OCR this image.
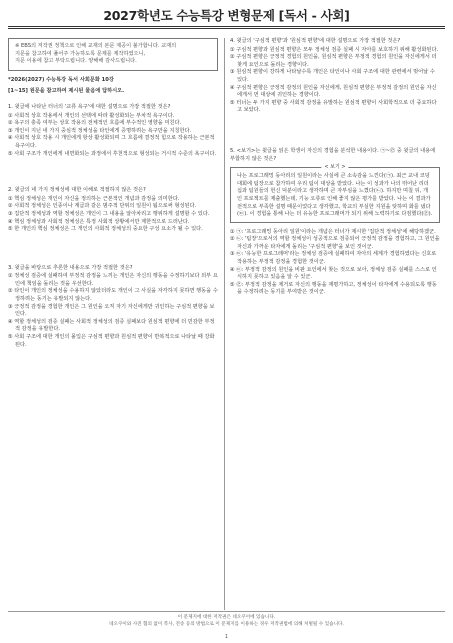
2027학년도 수능특강 변형문제 [독서 - 사회]
※ EBS의 저작권 정책으로 인해 교재의 본문 제공이 불가합니다. 교재의
지문을 참고하여 풀어주 가능하도록 문제를 제작하였으니,
지문 이용에 참고 부탁드립니다. 양해해 감사드립니다.
*2026(2027) 수능특강 독서 사회문화 10강
[1~15] 원문을 참고하여 제시된 물음에 답하시오.
1. 윗글에 나타난 터너의 '교류 욕구'에 대한 설명으로 가장 적절한 것은?
① 사회적 상호 작용에서 개인의 선택에 따라 활성화되는 부차적 욕구이다.
② 욕구의 충족 여부는 상호 작용의 전체적인 흐름에 부수적인 영향을 미친다.
③ 개인이 지닌 네 가지 중심적 정체성을 타인에게 증명하려는 욕구만을 지칭한다.
④ 사회적 상호 작용 시 개인에게 항상 활성화되며 그 흐름에 결정적 힘으로 작용하는 근본적 욕구이다.
⑤ 사회 구조가 개인에게 내면화되는 과정에서 후천적으로 형성되는 거시적 수준의 욕구이다.
2. 윗글의 네 가지 정체성에 대한 이해로 적절하지 않은 것은?
① 핵심 정체성은 개인이 자신을 정의하는 근본적인 개념과 감정을 의미한다.
② 사회적 정체성은 인종이나 계급과 같은 범주적 단위의 일원이 됨으로써 형성된다.
③ 집단적 정체성과 역할 정체성은 개인이 그 내용을 알아차리고 행위하게 설명할 수 있다.
④ 핵심 정체성과 사회적 정체성은 특정 사회적 상황에서만 제한적으로 드러난다.
⑤ 한 개인의 핵심 정체성은 그 개인의 사회적 정체성의 중요한 구성 요소가 될 수 있다.
3. 윗글을 바탕으로 추론한 내용으로 가장 적절한 것은?
① 정체성 검증에 실패하여 부정적 감정을 느끼는 개인은 자신의 행동을 수정하기보다 외부 요인에 책임을 돌리는 것을 우선한다.
② 타인이 개인의 정체성을 수용하지 않았더라도 개인이 그 사실을 자각하지 못하면 행동을 수정하려는 동기는 유발되지 않는다.
③ 긍정적 감정을 경험한 개인은 그 원인을 오직 자기 자신에게만 귀인하는 구심적 편향을 보인다.
④ 역할 정체성의 검증 실패는 사회적 정체성의 검증 실패보다 원심적 편향에 더 민감한 부정적 감정을 유발한다.
⑤ 사회 구조에 대한 개인의 몰입은 구심적 편향과 원심적 편향이 반복적으로 나타날 때 강화된다.
4. 윗글의 '구심적 편향'과 '원심적 편향'에 대한 설명으로 가장 적절한 것은?
① 구심적 편향과 원심적 편향은 모두 정체성 검증 실패 시 자아를 보호하기 위해 활성화된다.
② 구심적 편향은 긍정적 경험의 원인을, 원심적 편향은 부정적 경험의 원인을 자신에게서 더 찾게 요인으로 돌리는 경향이다.
③ 원심적 편향이 강하게 나타날수록 개인은 타인이나 사회 구조에 대한 관련에서 벗어날 수 있다.
④ 구심적 편향은 긍정적 감정의 원인을 자신에게, 원심적 편향은 부정적 감정의 원인을 자신에게서 먼 대상에 귀인하는 경향이다.
⑤ 터너는 두 가지 편향 중 사회적 감정을 유발하는 원심적 편향이 사회학적으로 더 중요하다고 보았다.
5. <보기>는 윗글을 읽은 학생이 자신의 경험을 분석한 내용이다. ㉠~㉣ 중 윗글의 내용에 부합하지 않은 것은?
< 보기 >
나는 프로그래밍 동아리의 일원이라는 사실에 큰 소속감을 느낀다(㉠). 최근 교내 코딩 대회에 팀장으로 참가하여 우리 팀이 대상을 받았다. 나는 이 성과가 나의 뛰어난 리더십과 팀원들의 헌신 덕분이라고 생각하며 큰 자부심을 느꼈다(㉡). 하지만 며칠 뒤, 개인 프로젝트를 제출했는데, 기능 오류로 인해 좋지 않은 평가를 받았다. 나는 이 결과가 전적으로 부족한 설명 때문이었다고 생각했고, 학교의 부실한 지원을 탓하며 화를 냈다(㉢). 이 경험을 통해 나는 더 유능한 프로그래머가 되기 위해 노력하기로 다짐했다(㉣).
① ㉠: '프로그래밍 동아리 일원'이라는 개념은 터너가 제시한 '집단적 정체성'에 해당하겠군.
② ㉡: '팀장'으로서의 역할 정체성이 성공적으로 검증되어 긍정적 감정을 경험하고, 그 원인을 자신과 가까운 타자에게 돌리는 '구심적 편향'을 보인 것이군.
③ ㉢: '유능한 프로그래머'라는 정체성 검증에 실패하여 자아의 세계가 경험하였다는 신호로 작용하는 부정적 감정을 경험한 것이군.
④ ㉢: 부정적 감정의 원인을 비판 요인에서 찾는 것으로 보아, 정체성 검증 실패를 스스로 인식하지 못하고 있음을 알 수 있군.
⑤ ㉣: 부정적 감정을 제거로 자신의 행동을 재평가하고, 정체성이 타자에게 수용되도록 행동을 수정하려는 동기를 부여받은 것이군.
이 문제지에 대한 저작권은 네오쿠이에 있습니다.
네오쿠이와 사전 협의 없이 복사, 전송 등의 방법으로 이 문제지를 이용하는 경우 저작권법에 의해 처벌될 수 있습니다.
1
